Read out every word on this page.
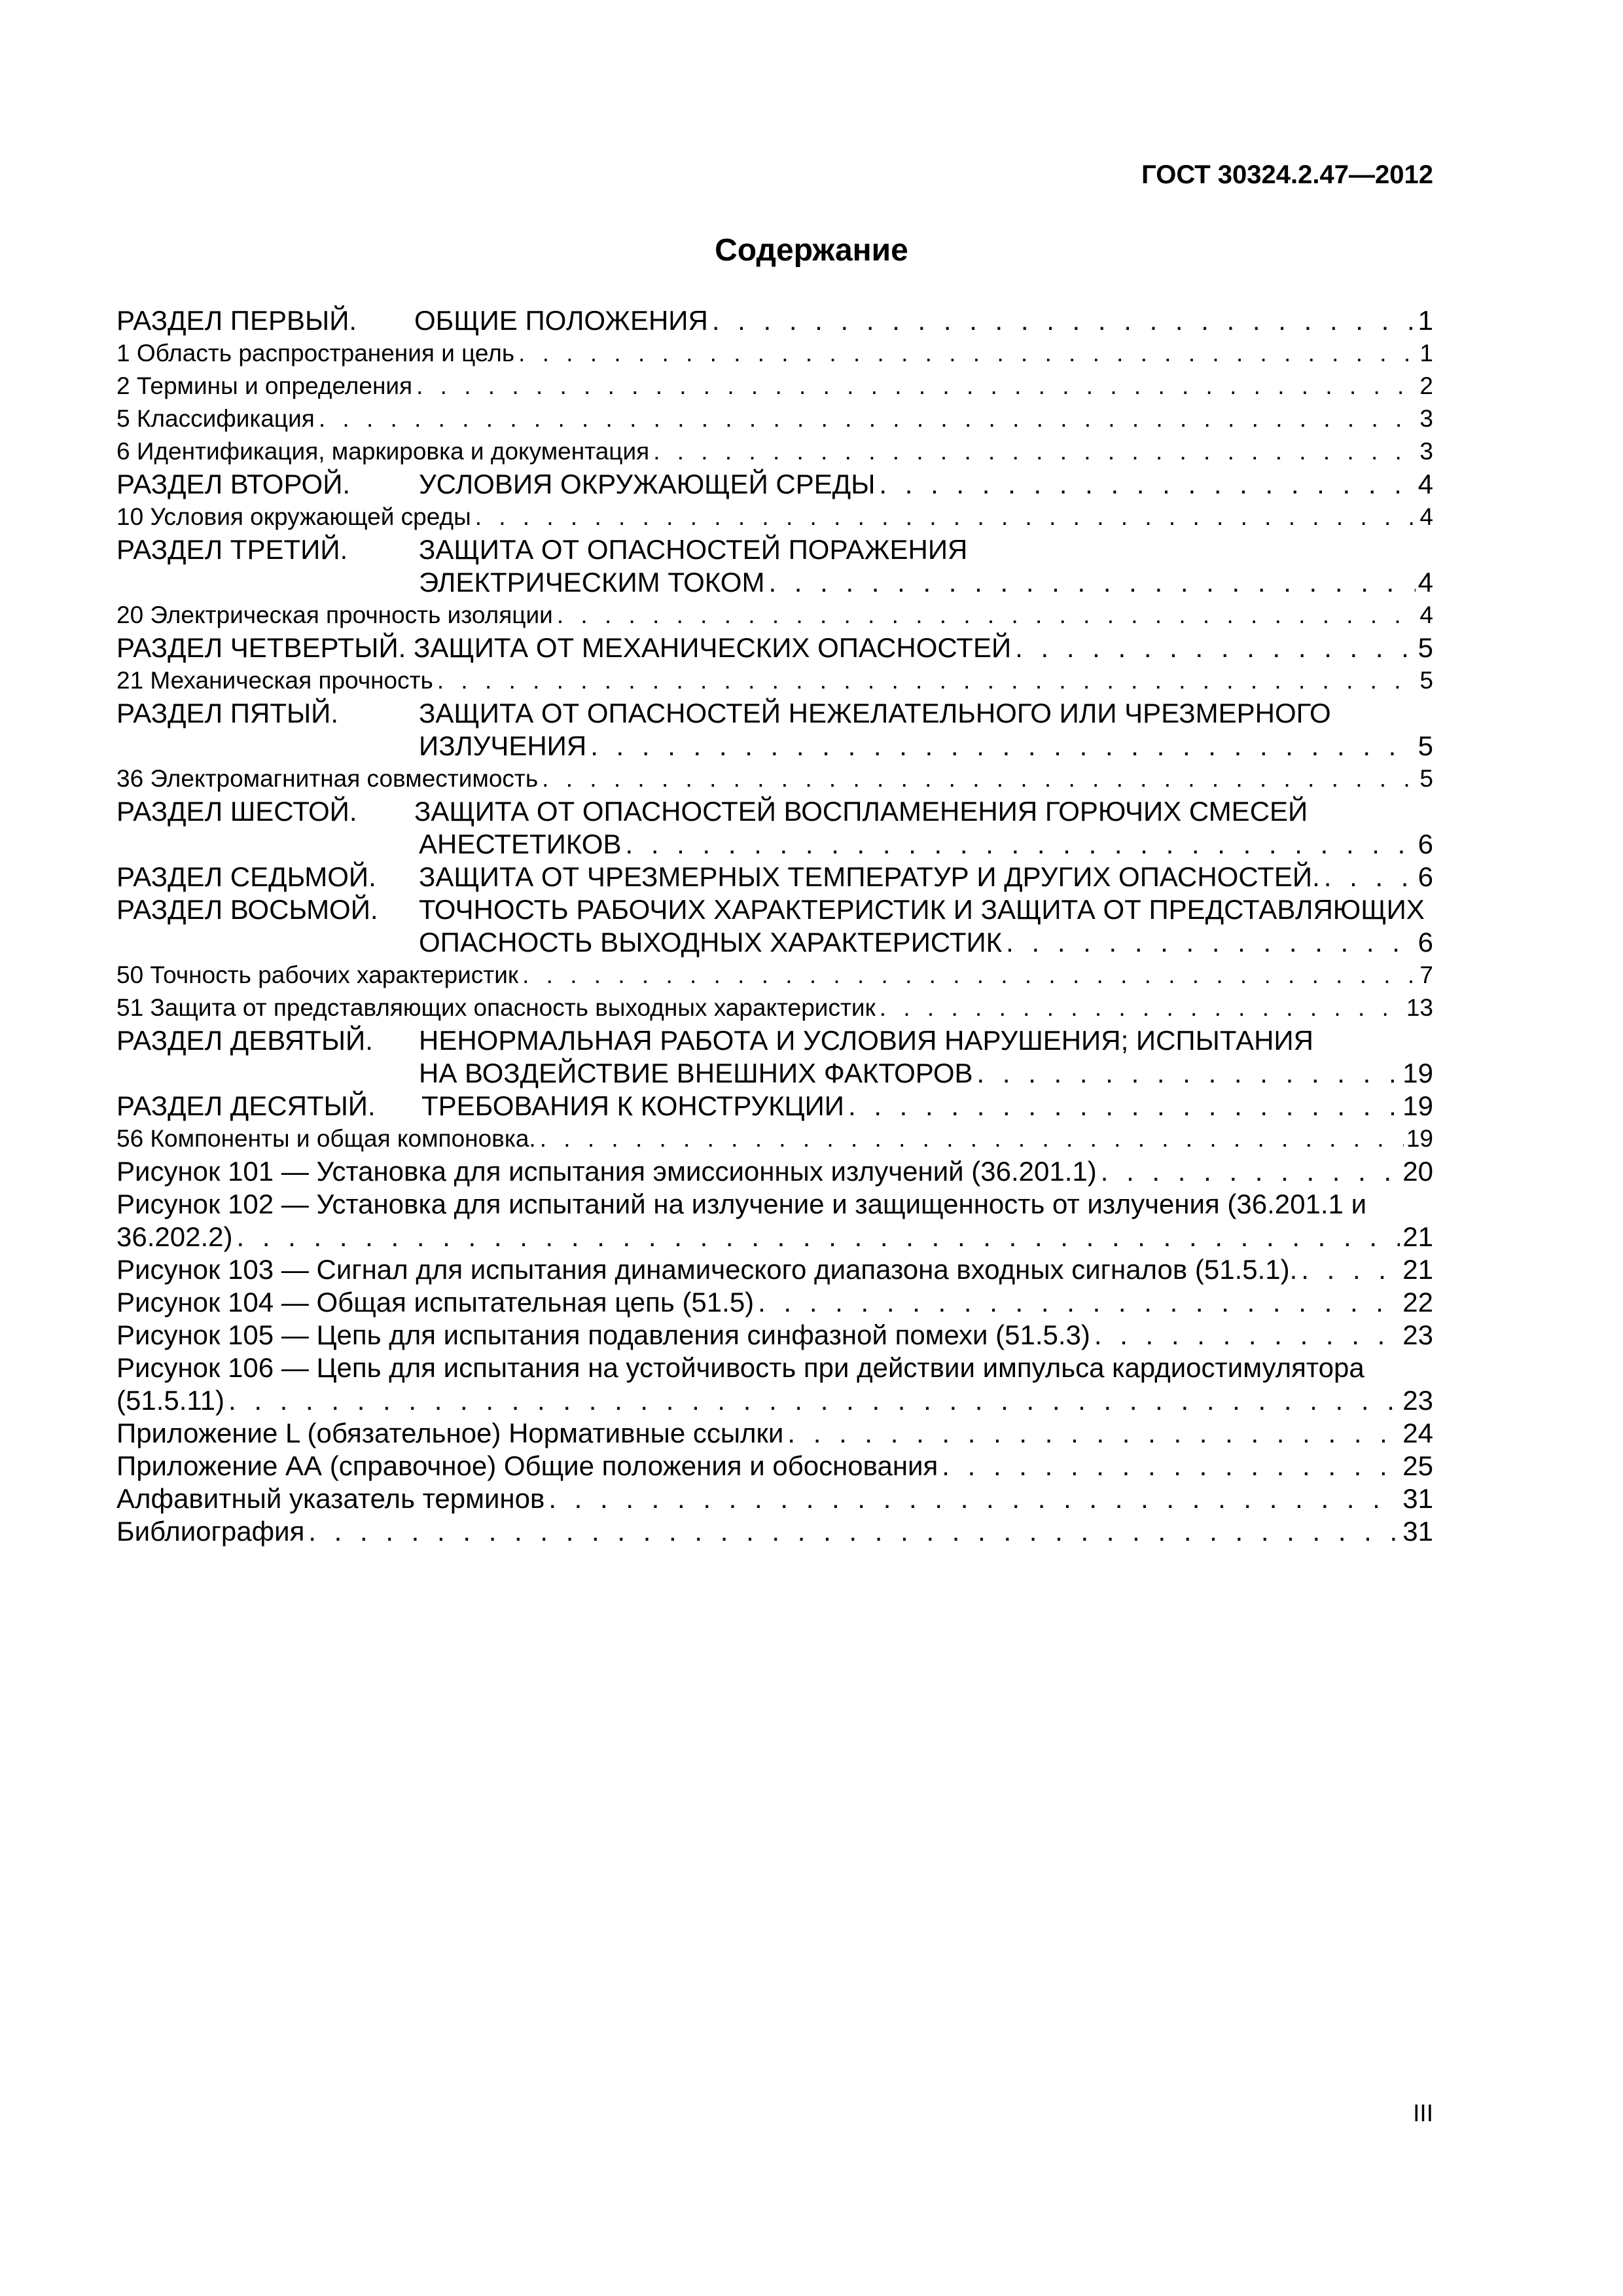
ГОСТ 30324.2.47—2012
Содержание
РАЗДЕЛ ПЕРВЫЙ. ОБЩИЕ ПОЛОЖЕНИЯ . . .	1
1 Область распространения и цель . . .	1
2 Термины и определения . . .	2
5 Классификация . . .	3
6 Идентификация, маркировка и документация . . .	3
РАЗДЕЛ ВТОРОЙ. УСЛОВИЯ ОКРУЖАЮЩЕЙ СРЕДЫ . . .	4
10 Условия окружающей среды . . .	4
РАЗДЕЛ ТРЕТИЙ.	ЗАЩИТА ОТ ОПАСНОСТЕЙ ПОРАЖЕНИЯ
ЭЛЕКТРИЧЕСКИМ ТОКОМ . . .	4
20 Электрическая прочность изоляции . . .	4
РАЗДЕЛ ЧЕТВЕРТЫЙ. ЗАЩИТА ОТ МЕХАНИЧЕСКИХ ОПАСНОСТЕЙ . . .	5
21 Механическая прочность . . .	5
РАЗДЕЛ ПЯТЫЙ.	ЗАЩИТА ОТ ОПАСНОСТЕЙ НЕЖЕЛАТЕЛЬНОГО ИЛИ ЧРЕЗМЕРНОГО
ИЗЛУЧЕНИЯ . . .	5
36 Электромагнитная совместимость . . .	5
РАЗДЕЛ ШЕСТОЙ. ЗАЩИТА ОТ ОПАСНОСТЕЙ ВОСПЛАМЕНЕНИЯ ГОРЮЧИХ СМЕСЕЙ
АНЕСТЕТИКОВ . . .	6
РАЗДЕЛ СЕДЬМОЙ. ЗАЩИТА ОТ ЧРЕЗМЕРНЫХ ТЕМПЕРАТУР И ДРУГИХ ОПАСНОСТЕЙ. . . .	6
РАЗДЕЛ ВОСЬМОЙ. ТОЧНОСТЬ РАБОЧИХ ХАРАКТЕРИСТИК И ЗАЩИТА ОТ ПРЕДСТАВЛЯЮЩИХ
ОПАСНОСТЬ ВЫХОДНЫХ ХАРАКТЕРИСТИК . . .	6
50 Точность рабочих характеристик . . .	7
51 Защита от представляющих опасность выходных характеристик . . .	13
РАЗДЕЛ ДЕВЯТЫЙ. НЕНОРМАЛЬНАЯ РАБОТА И УСЛОВИЯ НАРУШЕНИЯ; ИСПЫТАНИЯ
НА ВОЗДЕЙСТВИЕ ВНЕШНИХ ФАКТОРОВ . . .	19
РАЗДЕЛ ДЕСЯТЫЙ. ТРЕБОВАНИЯ К КОНСТРУКЦИИ . . .	19
56 Компоненты и общая компоновка. . . .	19
Рисунок 101 — Установка для испытания эмиссионных излучений (36.201.1) . . .	20
Рисунок 102 — Установка для испытаний на излучение и защищенность от излучения (36.201.1 и
36.202.2) . . .	21
Рисунок 103 — Сигнал для испытания динамического диапазона входных сигналов (51.5.1). . . .	21
Рисунок 104 — Общая испытательная цепь (51.5) . . .	22
Рисунок 105 — Цепь для испытания подавления синфазной помехи (51.5.3) . . .	23
Рисунок 106 — Цепь для испытания на устойчивость при действии импульса кардиостимулятора
(51.5.11) . . .	23
Приложение L (обязательное) Нормативные ссылки . . .	24
Приложение АА (справочное) Общие положения и обоснования . . .	25
Алфавитный указатель терминов . . .	31
Библиография . . .	31
III
